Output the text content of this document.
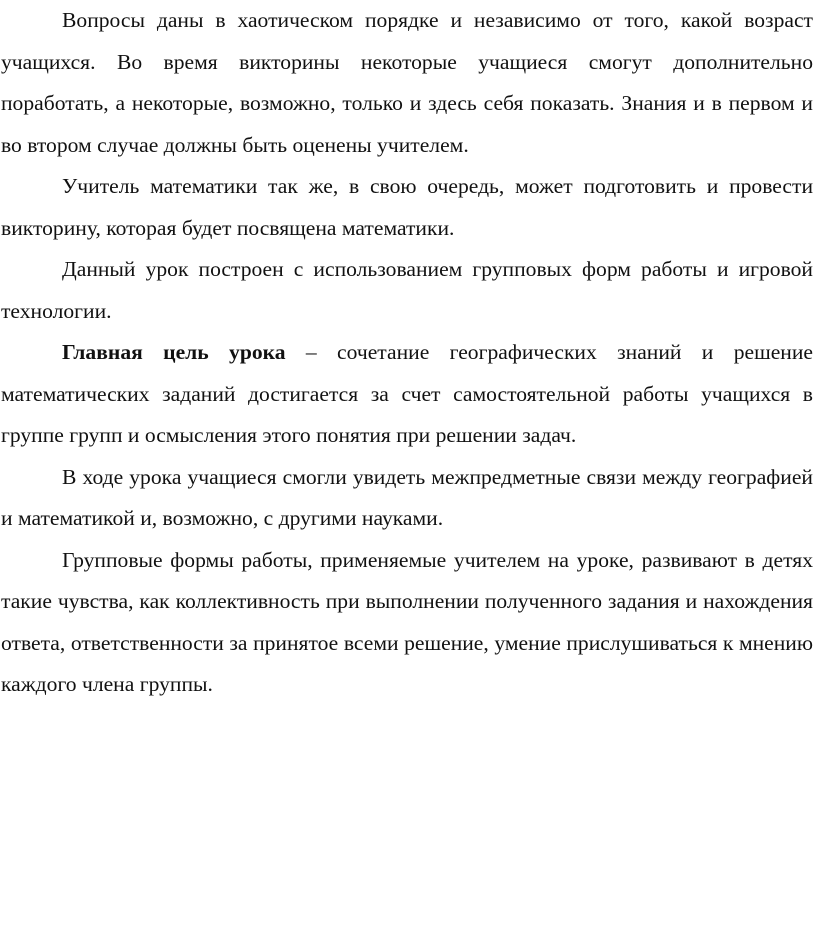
Вопросы даны в хаотическом порядке и независимо от того, какой возраст учащихся. Во время викторины некоторые учащиеся смогут дополнительно поработать, а некоторые, возможно, только и здесь себя показать. Знания и в первом и во втором случае должны быть оценены учителем.

Учитель математики так же, в свою очередь, может подготовить и провести викторину, которая будет посвящена математики.

Данный урок построен с использованием групповых форм работы и игровой технологии.

Главная цель урока – сочетание географических знаний и решение математических заданий достигается за счет самостоятельной работы учащихся в группе групп и осмысления этого понятия при решении задач.

В ходе урока учащиеся смогли увидеть межпредметные связи между географией и математикой и, возможно, с другими науками.

Групповые формы работы, применяемые учителем на уроке, развивают в детях такие чувства, как коллективность при выполнении полученного задания и нахождения ответа, ответственности за принятое всеми решение, умение прислушиваться к мнению каждого члена группы.
